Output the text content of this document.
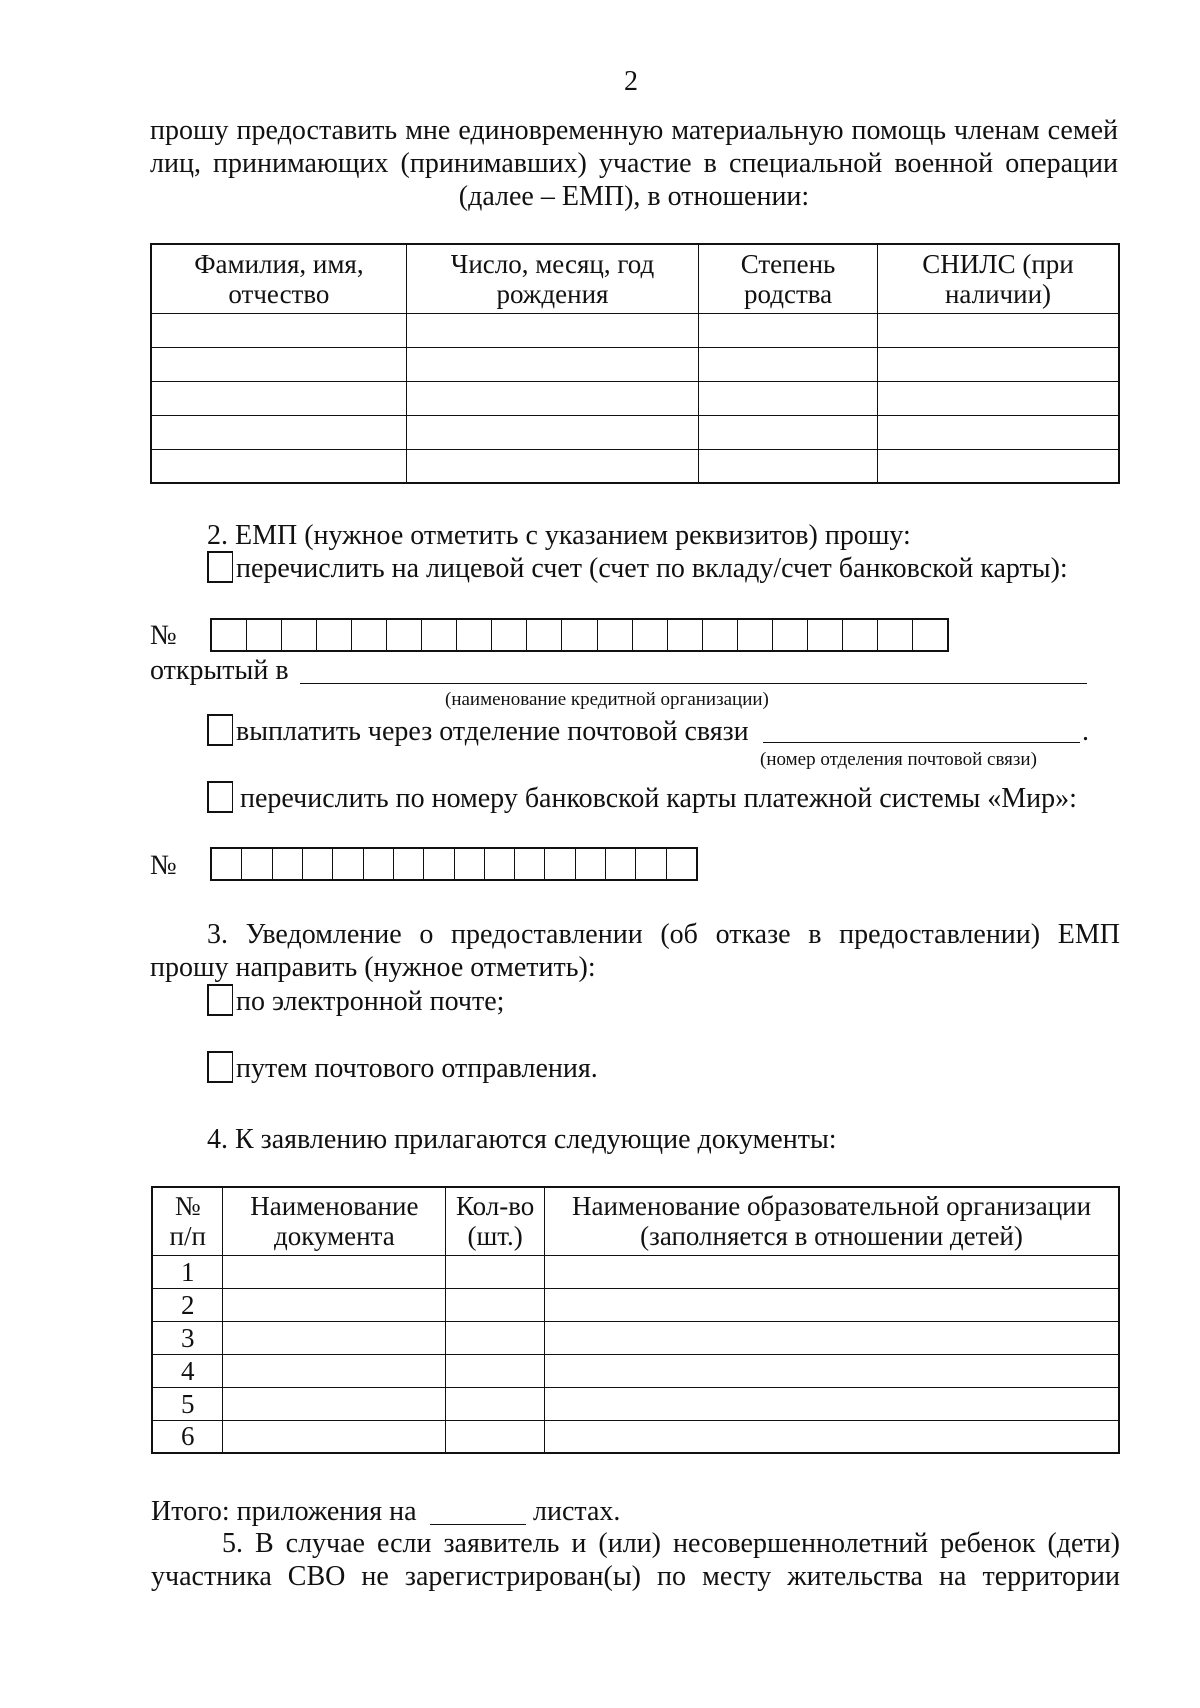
2
прошу предоставить мне единовременную материальную помощь членам семей
лиц, принимающих (принимавших) участие в специальной военной операции
(далее – ЕМП), в отношении:
Фамилия, имя, отчество	Число, месяц, год рождения	Степень родства	СНИЛС (при наличии)

2. ЕМП (нужное отметить с указанием реквизитов) прошу:
перечислить на лицевой счет (счет по вкладу/счет банковской карты):
№
открытый в
(наименование кредитной организации)
выплатить через отделение почтовой связи	.
(номер отделения почтовой связи)
перечислить по номеру банковской карты платежной системы «Мир»:
№
3. Уведомление о предоставлении (об отказе в предоставлении) ЕМП
прошу направить (нужное отметить):
по электронной почте;
путем почтового отправления.
4. К заявлению прилагаются следующие документы:
№ п/п	Наименование документа	Кол-во (шт.)	Наименование образовательной организации (заполняется в отношении детей)
1			
2			
3			
4			
5			
6			
Итого: приложения на	листах.
5. В случае если заявитель и (или) несовершеннолетний ребенок (дети)
участника СВО не зарегистрирован(ы) по месту жительства на территории
